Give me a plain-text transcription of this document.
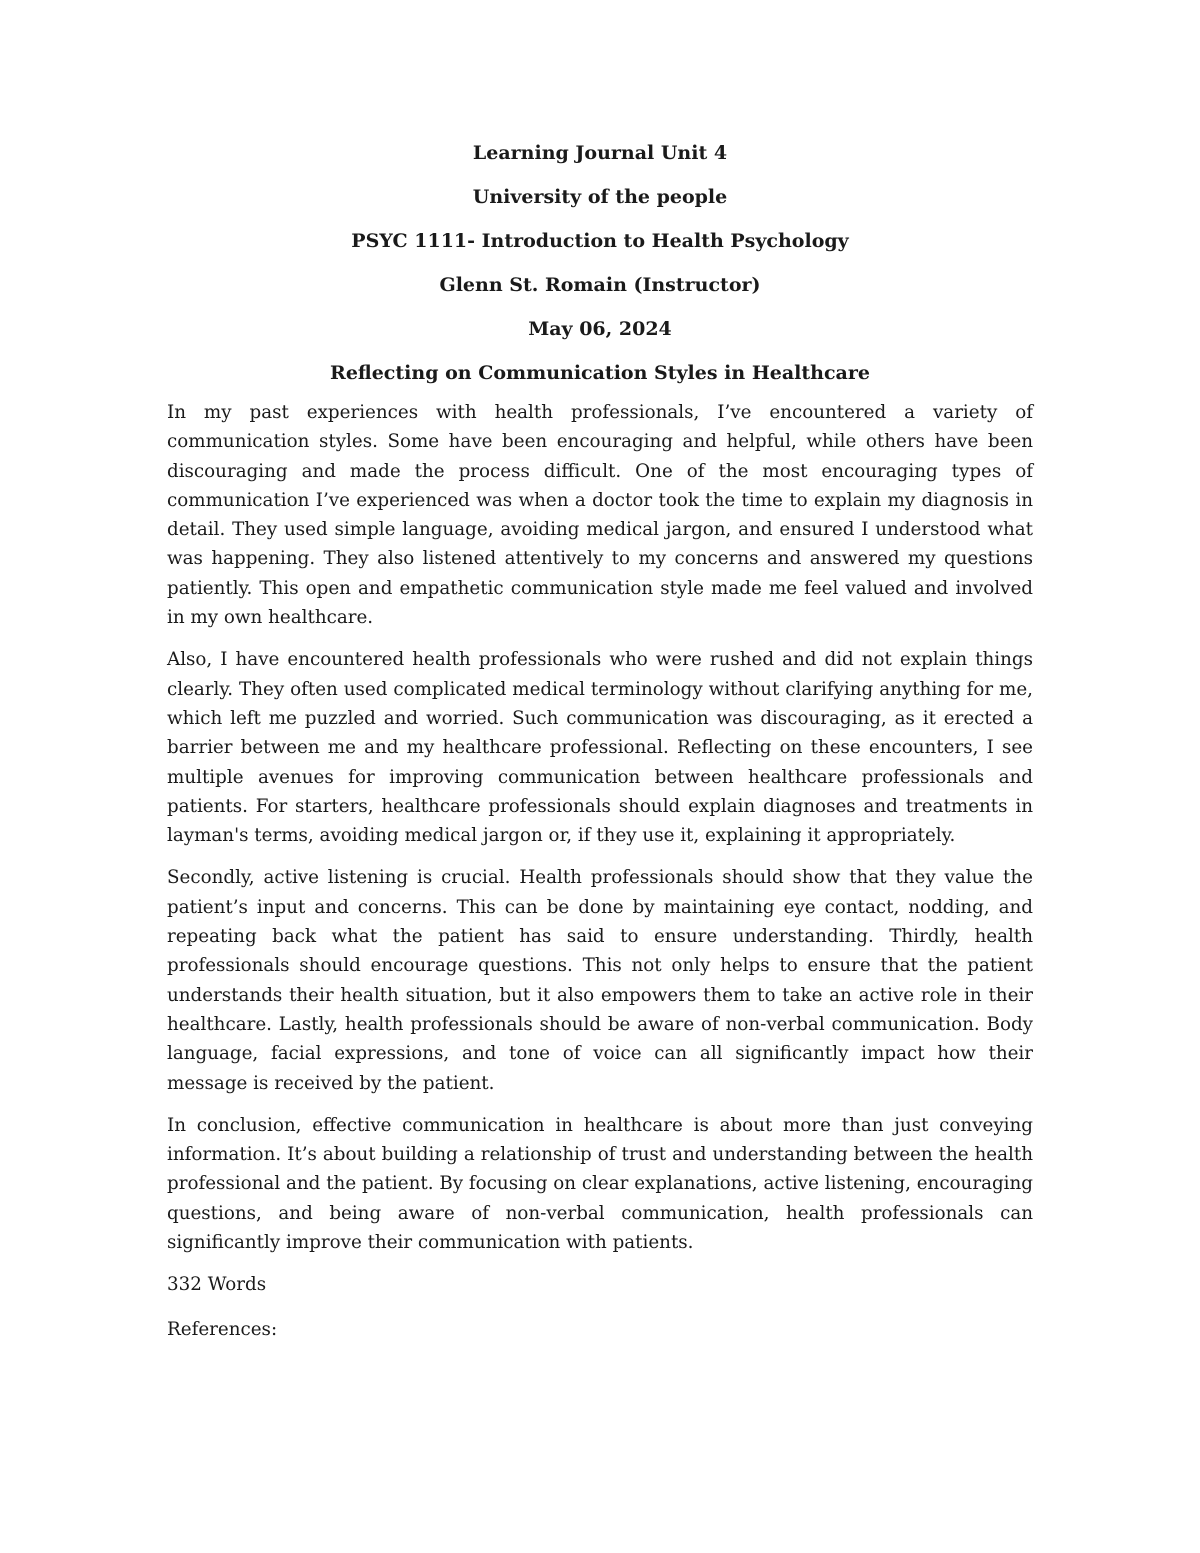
Learning Journal Unit 4
University of the people
PSYC 1111- Introduction to Health Psychology
Glenn St. Romain (Instructor)
May 06, 2024
Reflecting on Communication Styles in Healthcare

In my past experiences with health professionals, I’ve encountered a variety of communication styles. Some have been encouraging and helpful, while others have been discouraging and made the process difficult. One of the most encouraging types of communication I’ve experienced was when a doctor took the time to explain my diagnosis in detail. They used simple language, avoiding medical jargon, and ensured I understood what was happening. They also listened attentively to my concerns and answered my questions patiently. This open and empathetic communication style made me feel valued and involved in my own healthcare.

Also, I have encountered health professionals who were rushed and did not explain things clearly. They often used complicated medical terminology without clarifying anything for me, which left me puzzled and worried. Such communication was discouraging, as it erected a barrier between me and my healthcare professional. Reflecting on these encounters, I see multiple avenues for improving communication between healthcare professionals and patients. For starters, healthcare professionals should explain diagnoses and treatments in layman's terms, avoiding medical jargon or, if they use it, explaining it appropriately.

Secondly, active listening is crucial. Health professionals should show that they value the patient’s input and concerns. This can be done by maintaining eye contact, nodding, and repeating back what the patient has said to ensure understanding. Thirdly, health professionals should encourage questions. This not only helps to ensure that the patient understands their health situation, but it also empowers them to take an active role in their healthcare. Lastly, health professionals should be aware of non-verbal communication. Body language, facial expressions, and tone of voice can all significantly impact how their message is received by the patient.

In conclusion, effective communication in healthcare is about more than just conveying information. It’s about building a relationship of trust and understanding between the health professional and the patient. By focusing on clear explanations, active listening, encouraging questions, and being aware of non-verbal communication, health professionals can significantly improve their communication with patients.

332 Words

References:
